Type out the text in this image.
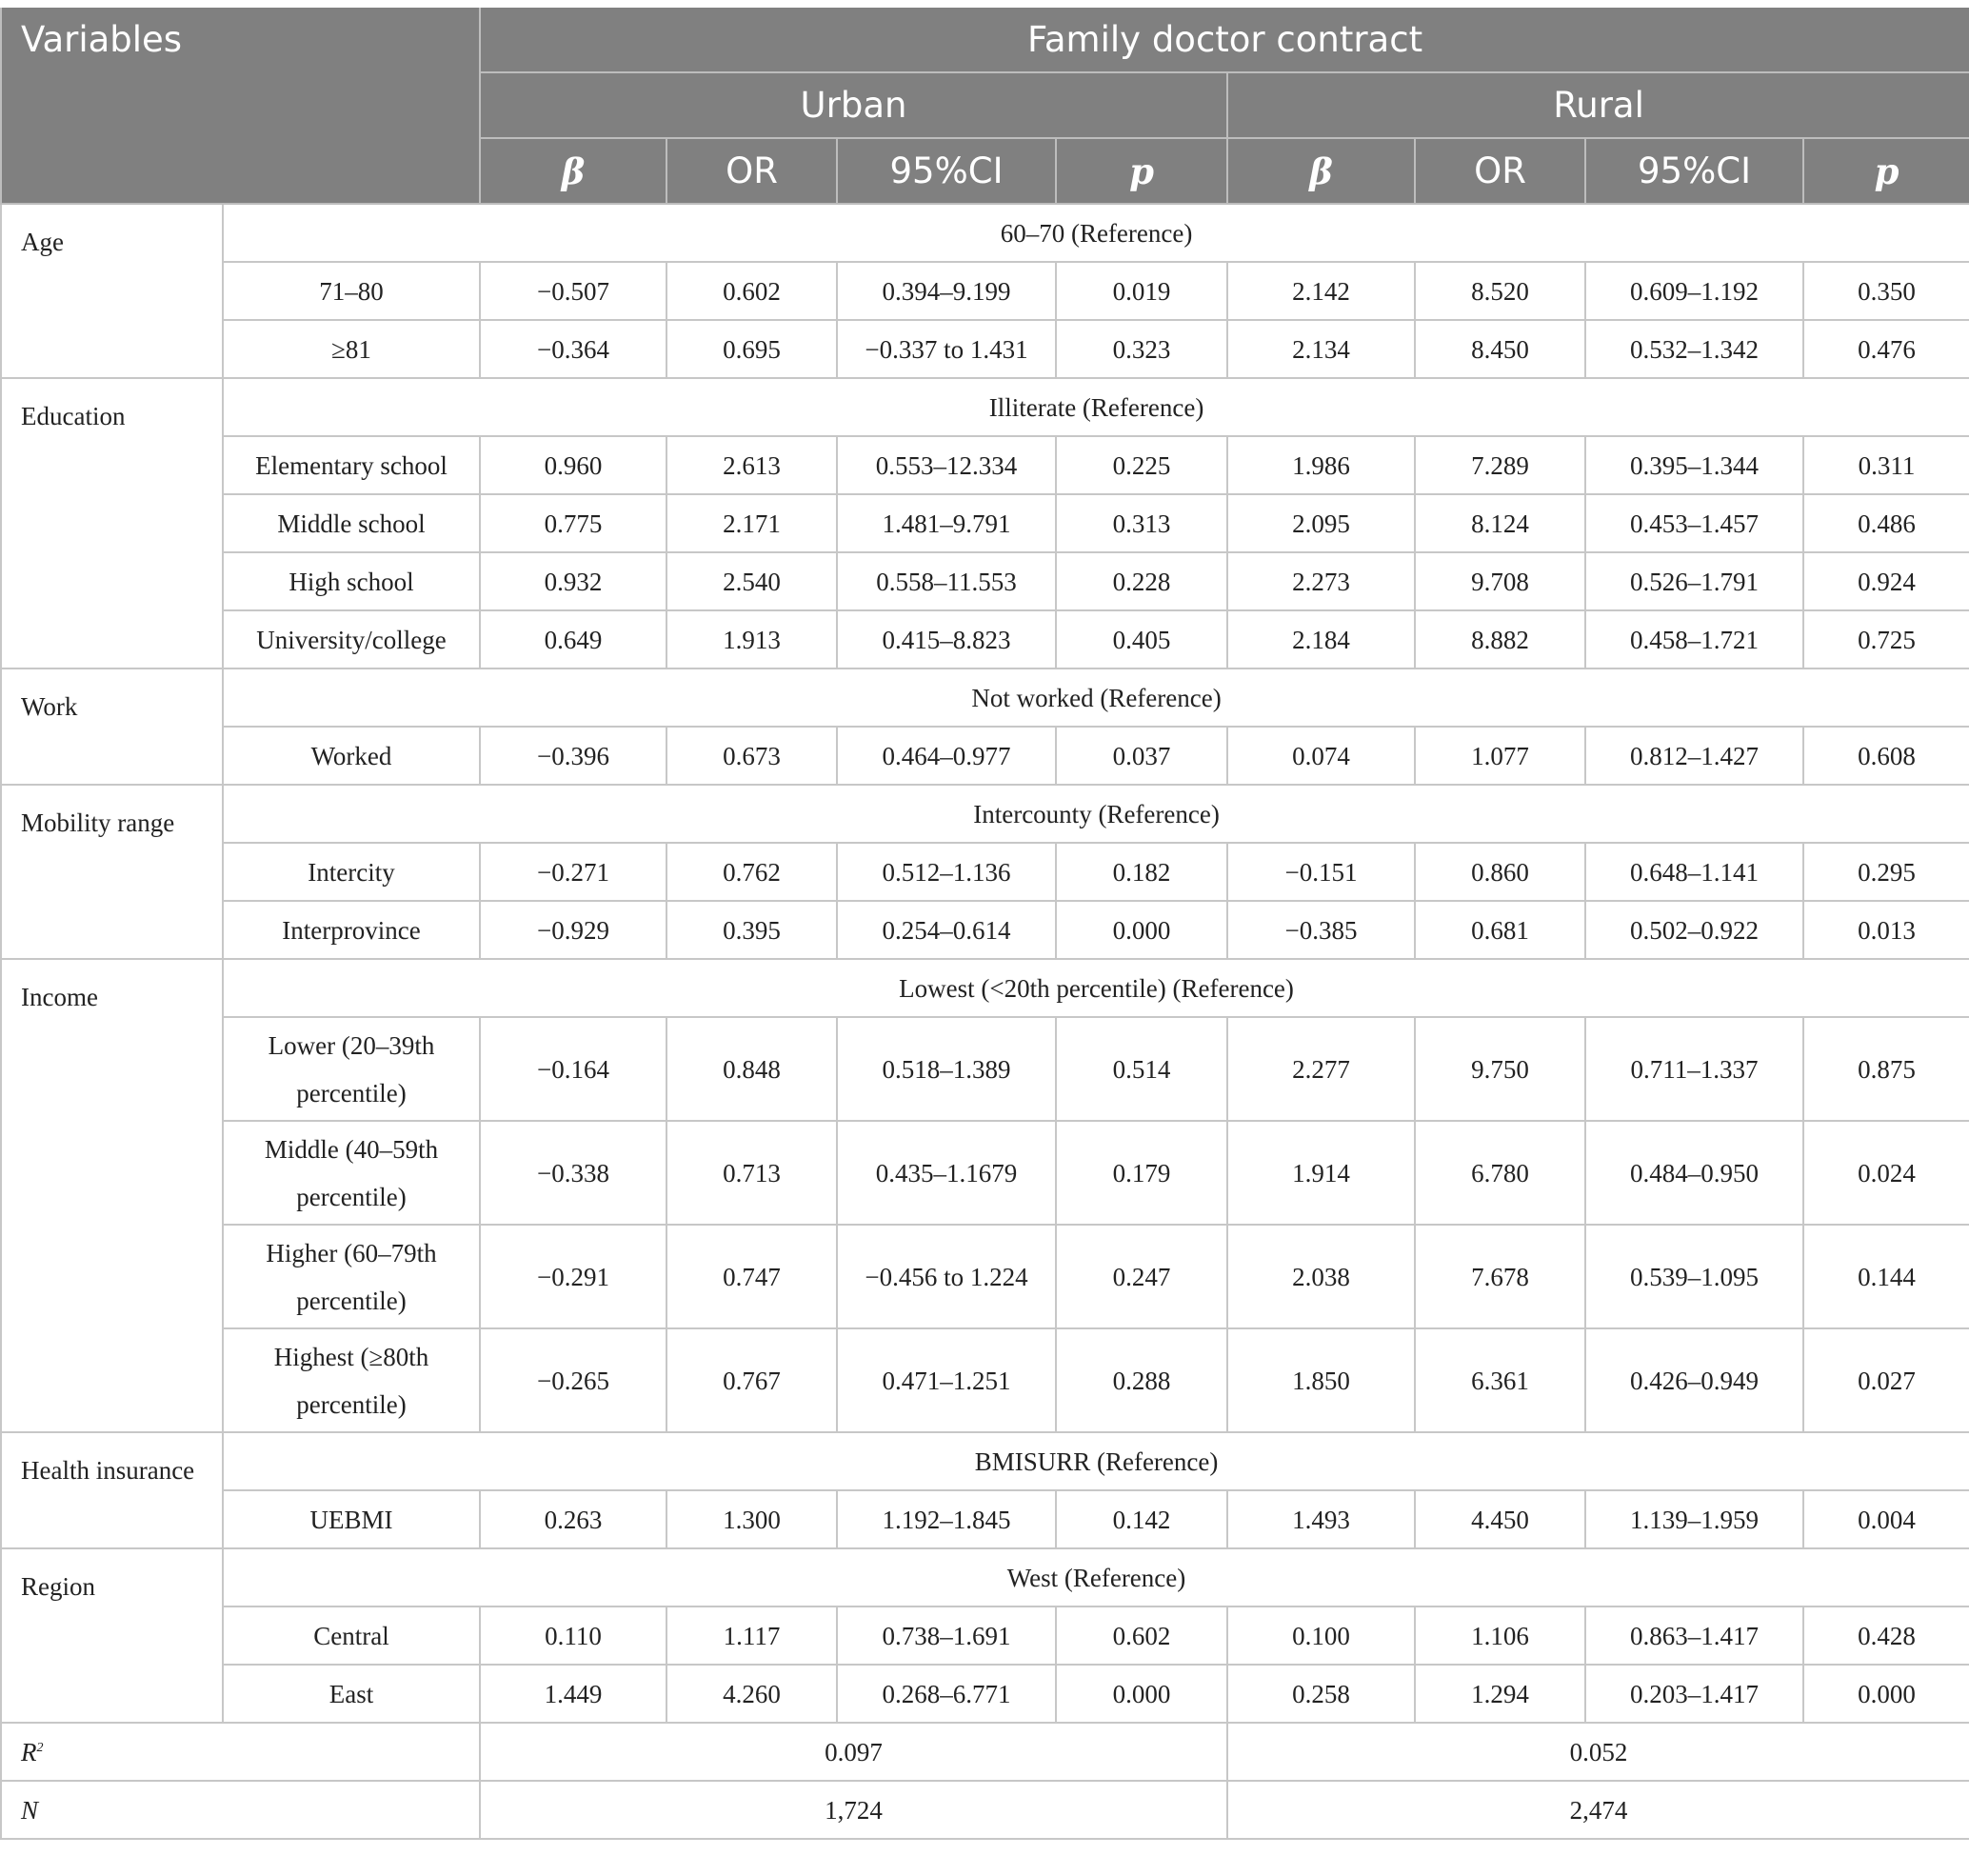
Variables		Family doctor contract							
		Urban				Rural			
		β	OR	95%CI	p	β	OR	95%CI	p
Age	60–70 (Reference)								
	71–80	−0.507	0.602	0.394–9.199	0.019	2.142	8.520	0.609–1.192	0.350
	≥81	−0.364	0.695	−0.337 to 1.431	0.323	2.134	8.450	0.532–1.342	0.476
Education	Illiterate (Reference)								
	Elementary school	0.960	2.613	0.553–12.334	0.225	1.986	7.289	0.395–1.344	0.311
	Middle school	0.775	2.171	1.481–9.791	0.313	2.095	8.124	0.453–1.457	0.486
	High school	0.932	2.540	0.558–11.553	0.228	2.273	9.708	0.526–1.791	0.924
	University/college	0.649	1.913	0.415–8.823	0.405	2.184	8.882	0.458–1.721	0.725
Work	Not worked (Reference)								
	Worked	−0.396	0.673	0.464–0.977	0.037	0.074	1.077	0.812–1.427	0.608
Mobility range	Intercounty (Reference)								
	Intercity	−0.271	0.762	0.512–1.136	0.182	−0.151	0.860	0.648–1.141	0.295
	Interprovince	−0.929	0.395	0.254–0.614	0.000	−0.385	0.681	0.502–0.922	0.013
Income	Lowest (<20th percentile) (Reference)								
	Lower (20–39th percentile)	−0.164	0.848	0.518–1.389	0.514	2.277	9.750	0.711–1.337	0.875
	Middle (40–59th percentile)	−0.338	0.713	0.435–1.1679	0.179	1.914	6.780	0.484–0.950	0.024
	Higher (60–79th percentile)	−0.291	0.747	−0.456 to 1.224	0.247	2.038	7.678	0.539–1.095	0.144
	Highest (≥80th percentile)	−0.265	0.767	0.471–1.251	0.288	1.850	6.361	0.426–0.949	0.027
Health insurance	BMISURR (Reference)								
	UEBMI	0.263	1.300	1.192–1.845	0.142	1.493	4.450	1.139–1.959	0.004
Region	West (Reference)								
	Central	0.110	1.117	0.738–1.691	0.602	0.100	1.106	0.863–1.417	0.428
	East	1.449	4.260	0.268–6.771	0.000	0.258	1.294	0.203–1.417	0.000
$R^2$		0.097				0.052			
N		1,724				2,474			
